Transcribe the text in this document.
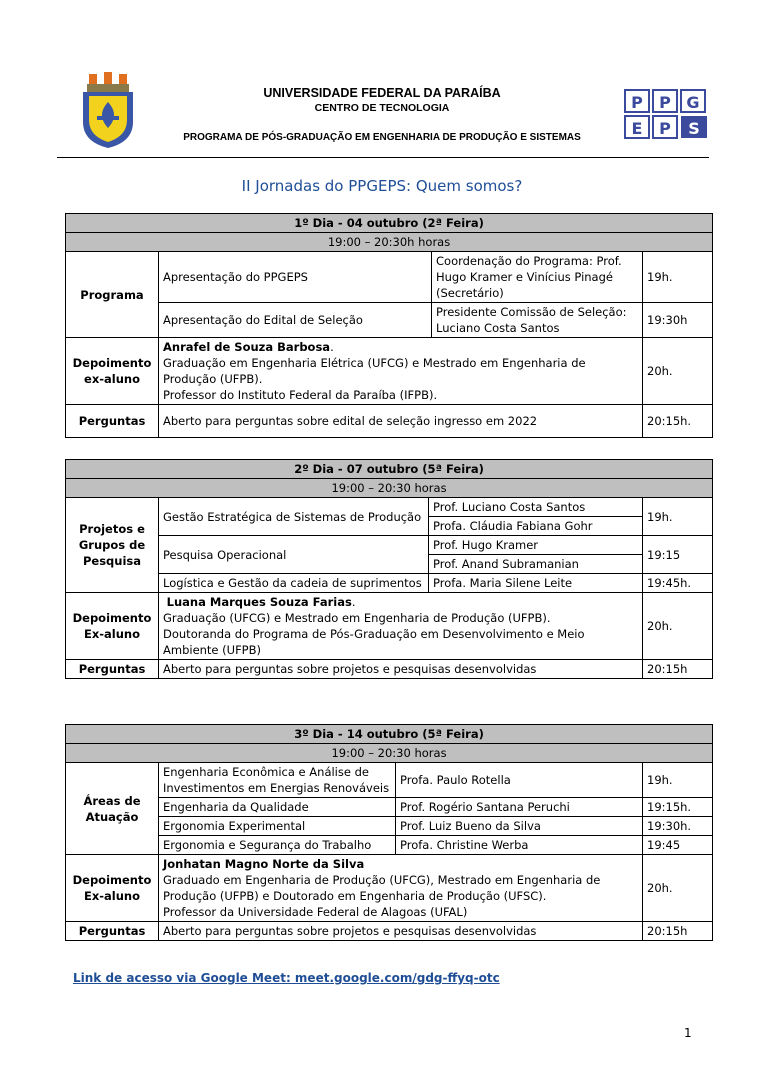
UNIVERSIDADE FEDERAL DA PARAÍBA
CENTRO DE TECNOLOGIA
PROGRAMA DE PÓS-GRADUAÇÃO EM ENGENHARIA DE PRODUÇÃO E SISTEMAS
P P G
E P S
II Jornadas do PPGEPS: Quem somos?
1º Dia - 04 outubro (2ª Feira)			
19:00 – 20:30h horas			
Programa	Apresentação do PPGEPS	Coordenação do Programa: Prof. Hugo Kramer e Vinícius Pinagé (Secretário)	19h.
	Apresentação do Edital de Seleção	Presidente Comissão de Seleção: Luciano Costa Santos	19:30h
Depoimento ex-aluno	Anrafel de Souza Barbosa.
Graduação em Engenharia Elétrica (UFCG) e Mestrado em Engenharia de Produção (UFPB).
Professor do Instituto Federal da Paraíba (IFPB).		20h.
Perguntas	Aberto para perguntas sobre edital de seleção ingresso em 2022		20:15h.
2º Dia - 07 outubro (5ª Feira)			
19:00 – 20:30 horas			
Projetos e Grupos de Pesquisa	Gestão Estratégica de Sistemas de Produção	Prof. Luciano Costa Santos	19h.
		Profa. Cláudia Fabiana Gohr	
	Pesquisa Operacional	Prof. Hugo Kramer	19:15
		Prof. Anand Subramanian	
	Logística e Gestão da cadeia de suprimentos	Profa. Maria Silene Leite	19:45h.

Depoimento Ex-aluno	Luana Marques Souza Farias.
Graduação (UFCG) e Mestrado em Engenharia de Produção (UFPB).
Doutoranda do Programa de Pós-Graduação em Desenvolvimento e Meio Ambiente (UFPB)		20h.
Perguntas	Aberto para perguntas sobre projetos e pesquisas desenvolvidas		20:15h
3º Dia - 14 outubro (5ª Feira)			
19:00 – 20:30 horas			
Áreas de Atuação	Engenharia Econômica e Análise de Investimentos em Energias Renováveis	Profa. Paulo Rotella	19h.
	Engenharia da Qualidade	Prof. Rogério Santana Peruchi	19:15h.
	Ergonomia Experimental	Prof. Luiz Bueno da Silva	19:30h.
	Ergonomia e Segurança do Trabalho	Profa. Christine Werba	19:45
Depoimento Ex-aluno	Jonhatan Magno Norte da Silva
Graduado em Engenharia de Produção (UFCG), Mestrado em Engenharia de Produção (UFPB) e Doutorado em Engenharia de Produção (UFSC).
Professor da Universidade Federal de Alagoas (UFAL)		20h.
Perguntas	Aberto para perguntas sobre projetos e pesquisas desenvolvidas		20:15h
Link de acesso via Google Meet: meet.google.com/gdg-ffyq-otc
1
